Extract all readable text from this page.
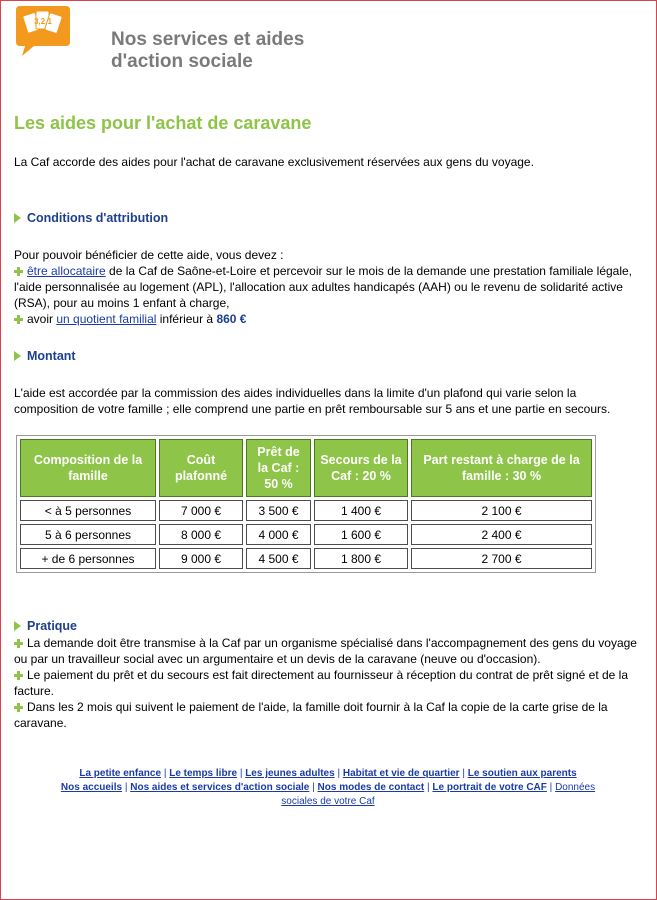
3,2,1
Nos services et aides
d'action sociale
Les aides pour l'achat de caravane

La Caf accorde des aides pour l'achat de caravane exclusivement réservées aux gens du voyage.

Conditions d'attribution

Pour pouvoir bénéficier de cette aide, vous devez :

être allocataire de la Caf de Saône-et-Loire et percevoir sur le mois de la demande une prestation familiale légale, l'aide personnalisée au logement (APL), l'allocation aux adultes handicapés (AAH) ou le revenu de solidarité active (RSA), pour au moins 1 enfant à charge,

avoir un quotient familial inférieur à 860 €

Montant

L'aide est accordée par la commission des aides individuelles dans la limite d'un plafond qui varie selon la composition de votre famille ; elle comprend une partie en prêt remboursable sur 5 ans et une partie en secours.

Composition de la famille	Coût plafonné	Prêt de la Caf : 50 %	Secours de la Caf : 20 %	Part restant à charge de la famille : 30 %
< à 5 personnes	7 000 €	3 500 €	1 400 €	2 100 €
5 à 6 personnes	8 000 €	4 000 €	1 600 €	2 400 €
+ de 6 personnes	9 000 €	4 500 €	1 800 €	2 700 €
Pratique

La demande doit être transmise à la Caf par un organisme spécialisé dans l'accompagnement des gens du voyage ou par un travailleur social avec un argumentaire et un devis de la caravane (neuve ou d'occasion).

Le paiement du prêt et du secours est fait directement au fournisseur à réception du contrat de prêt signé et de la facture.

Dans les 2 mois qui suivent le paiement de l'aide, la famille doit fournir à la Caf la copie de la carte grise de la caravane.

La petite enfance | Le temps libre | Les jeunes adultes | Habitat et vie de quartier | Le soutien aux parents
Nos accueils | Nos aides et services d'action sociale | Nos modes de contact | Le portrait de votre CAF | Données sociales de votre Caf
